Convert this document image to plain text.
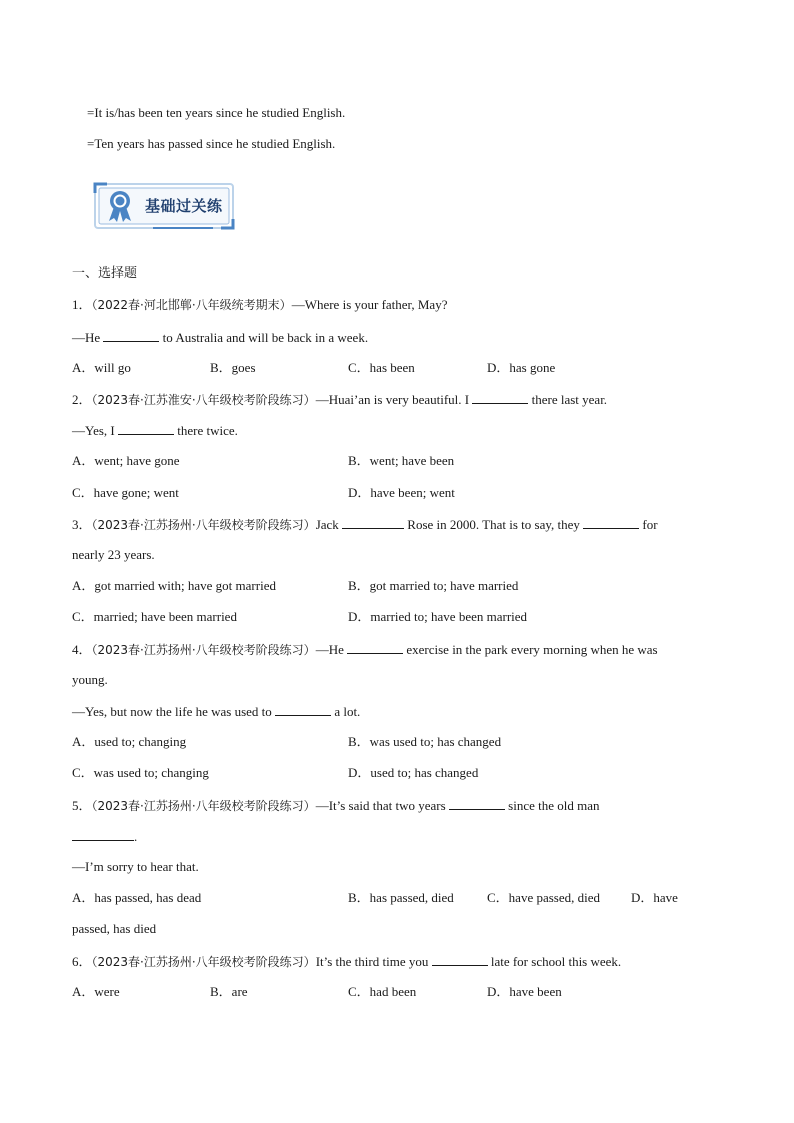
=It is/has been ten years since he studied English.
=Ten years has passed since he studied English.
基础过关练
一、选择题
1．（2022春·河北邯郸·八年级统考期末）—Where is your father, May?
—He	to Australia and will be back in a week.
A．will go	B．goes	C．has been	D．has gone
2．（2023春·江苏淮安·八年级校考阶段练习）—Huai’an is very beautiful. I	there last year.
—Yes, I	there twice.
A．went; have gone	B．went; have been
C．have gone; went	D．have been; went
3．（2023春·江苏扬州·八年级校考阶段练习）Jack	Rose in 2000. That is to say, they	for
nearly 23 years.
A．got married with; have got married	B．got married to; have married
C．married; have been married	D．married to; have been married
4．（2023春·江苏扬州·八年级校考阶段练习）—He	exercise in the park every morning when he was
young.
—Yes, but now the life he was used to	a lot.
A．used to; changing	B．was used to; has changed
C．was used to; changing	D．used to; has changed
5．（2023春·江苏扬州·八年级校考阶段练习）—It’s said that two years	since the old man
.
—I’m sorry to hear that.
A．has passed, has dead	B．has passed, died	C．have passed, died D．have
passed, has died
6．（2023春·江苏扬州·八年级校考阶段练习）It’s the third time you	late for school this week.
A．were	B．are	C．had been	D．have been
